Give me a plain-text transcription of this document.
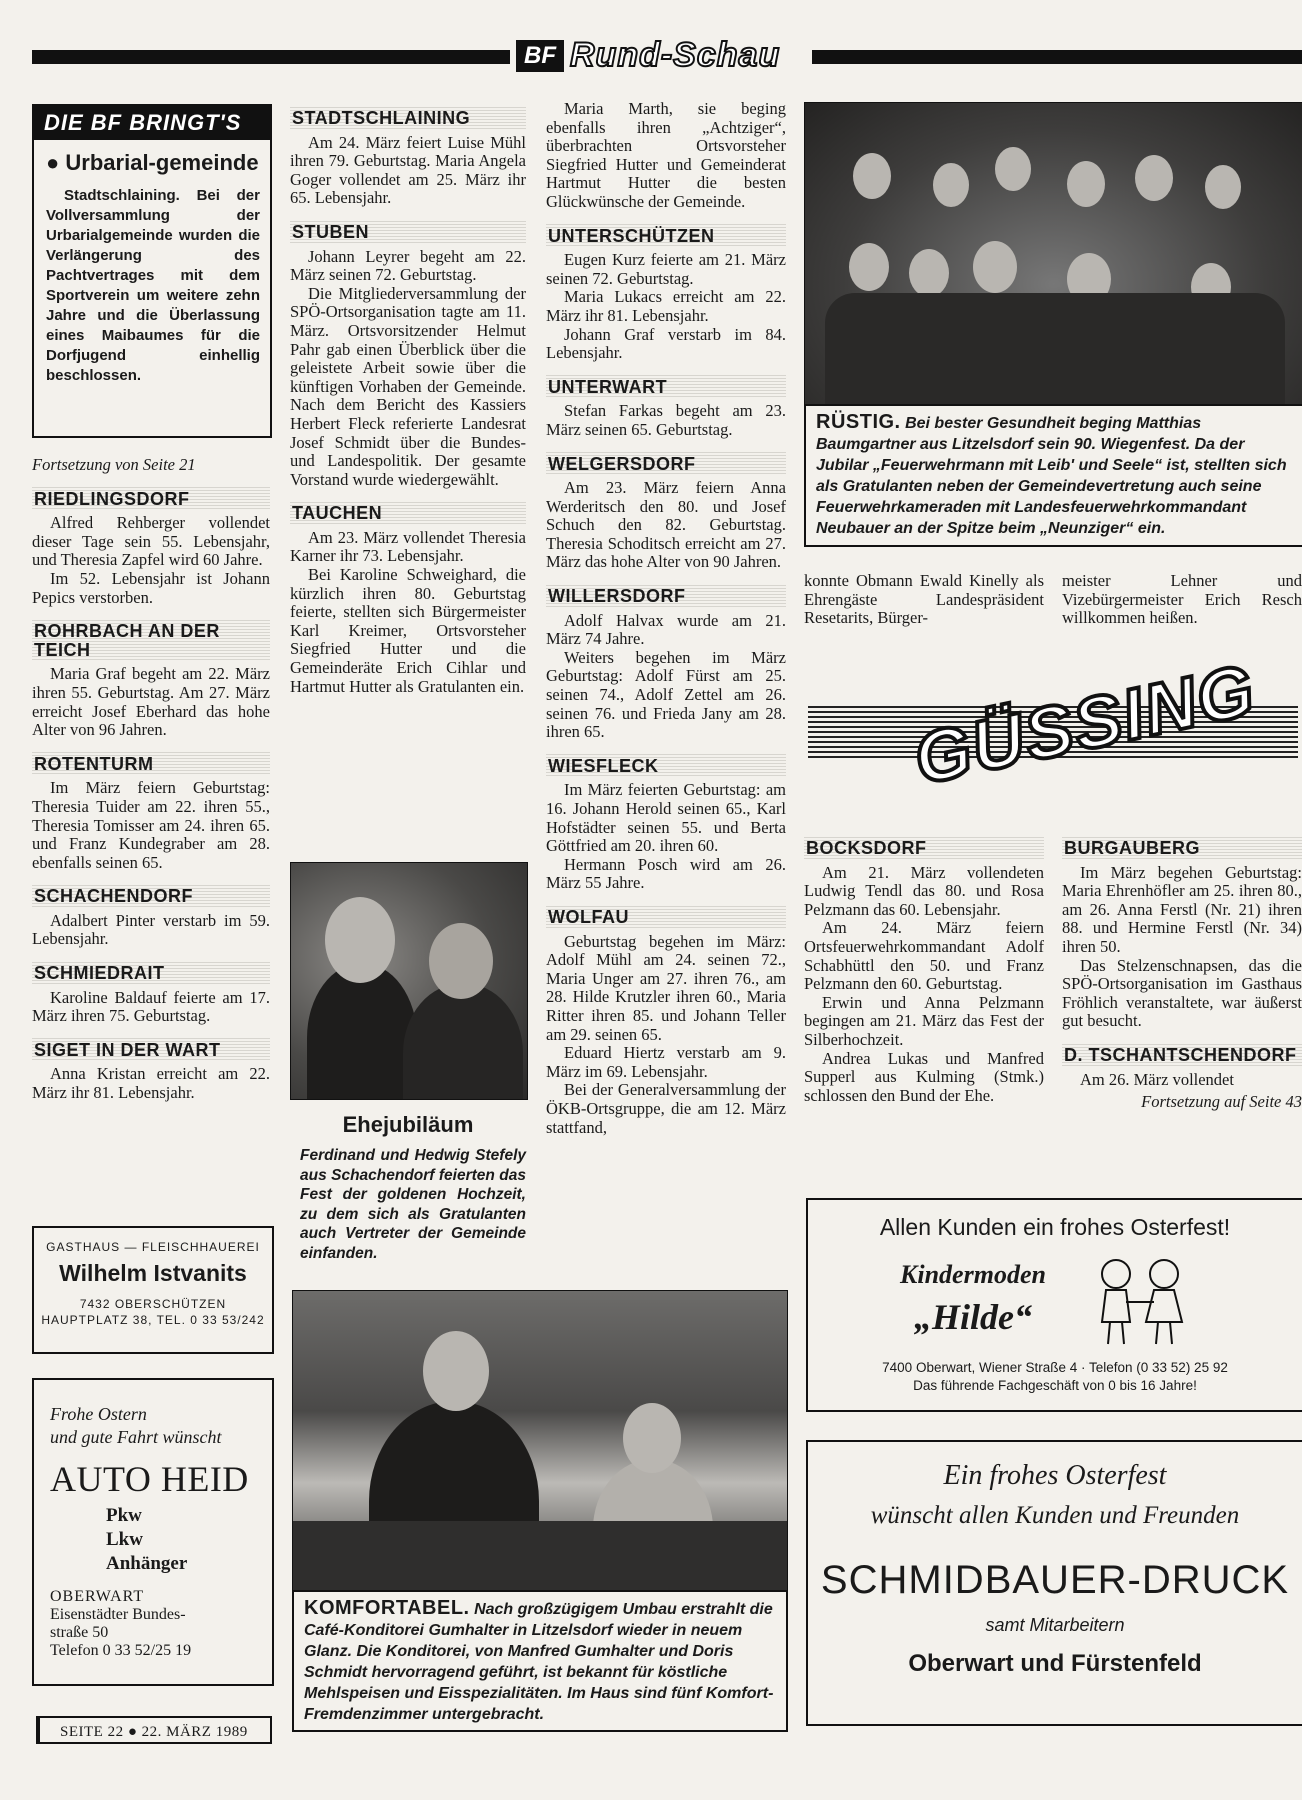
BF Rund-Schau
DIE BF BRINGT'S
● Urbarial-gemeinde
Stadtschlaining. Bei der Vollversammlung der Urbarialgemeinde wurden die Verlängerung des Pachtvertrages mit dem Sportverein um weitere zehn Jahre und die Überlassung eines Maibaumes für die Dorfjugend einhellig beschlossen.
Fortsetzung von Seite 21
RIEDLINGSDORF

Alfred Rehberger vollendet dieser Tage sein 55. Lebensjahr, und Theresia Zapfel wird 60 Jahre.

Im 52. Lebensjahr ist Johann Pepics verstorben.

ROHRBACH AN DER TEICH

Maria Graf begeht am 22. März ihren 55. Geburtstag. Am 27. März erreicht Josef Eberhard das hohe Alter von 96 Jahren.

ROTENTURM

Im März feiern Geburtstag: Theresia Tuider am 22. ihren 55., Theresia Tomisser am 24. ihren 65. und Franz Kundegraber am 28. ebenfalls seinen 65.

SCHACHENDORF

Adalbert Pinter verstarb im 59. Lebensjahr.

SCHMIEDRAIT

Karoline Baldauf feierte am 17. März ihren 75. Geburtstag.

SIGET IN DER WART

Anna Kristan erreicht am 22. März ihr 81. Lebensjahr.

STADTSCHLAINING

Am 24. März feiert Luise Mühl ihren 79. Geburtstag. Maria Angela Goger vollendet am 25. März ihr 65. Lebensjahr.

STUBEN

Johann Leyrer begeht am 22. März seinen 72. Geburtstag.

Die Mitgliederversammlung der SPÖ-Ortsorganisation tagte am 11. März. Ortsvorsitzender Helmut Pahr gab einen Überblick über die geleistete Arbeit sowie über die künftigen Vorhaben der Gemeinde. Nach dem Bericht des Kassiers Herbert Fleck referierte Landesrat Josef Schmidt über die Bundes- und Landespolitik. Der gesamte Vorstand wurde wiedergewählt.

TAUCHEN

Am 23. März vollendet Theresia Karner ihr 73. Lebensjahr.

Bei Karoline Schweighard, die kürzlich ihren 80. Geburtstag feierte, stellten sich Bürgermeister Karl Kreimer, Ortsvorsteher Siegfried Hutter und die Gemeinderäte Erich Cihlar und Hartmut Hutter als Gratulanten ein.

Ehejubiläum
Ferdinand und Hedwig Stefely aus Schachendorf feierten das Fest der goldenen Hochzeit, zu dem sich als Gratulanten auch Vertreter der Gemeinde einfanden.

Maria Marth, sie beging ebenfalls ihren „Achtziger“, überbrachten Ortsvorsteher Siegfried Hutter und Gemeinderat Hartmut Hutter die besten Glückwünsche der Gemeinde.

UNTERSCHÜTZEN

Eugen Kurz feierte am 21. März seinen 72. Geburtstag.

Maria Lukacs erreicht am 22. März ihr 81. Lebensjahr.

Johann Graf verstarb im 84. Lebensjahr.

UNTERWART

Stefan Farkas begeht am 23. März seinen 65. Geburtstag.

WELGERSDORF

Am 23. März feiern Anna Werderitsch den 80. und Josef Schuch den 82. Geburtstag. Theresia Schoditsch erreicht am 27. März das hohe Alter von 90 Jahren.

WILLERSDORF

Adolf Halvax wurde am 21. März 74 Jahre.

Weiters begehen im März Geburtstag: Adolf Fürst am 25. seinen 74., Adolf Zettel am 26. seinen 76. und Frieda Jany am 28. ihren 65.

WIESFLECK

Im März feierten Geburtstag: am 16. Johann Herold seinen 65., Karl Hofstädter seinen 55. und Berta Göttfried am 20. ihren 60.

Hermann Posch wird am 26. März 55 Jahre.

WOLFAU

Geburtstag begehen im März: Adolf Mühl am 24. seinen 72., Maria Unger am 27. ihren 76., am 28. Hilde Krutzler ihren 60., Maria Ritter ihren 85. und Johann Teller am 29. seinen 65.

Eduard Hiertz verstarb am 9. März im 69. Lebensjahr.

Bei der Generalversammlung der ÖKB-Ortsgruppe, die am 12. März stattfand,

RÜSTIG. Bei bester Gesundheit beging Matthias Baumgartner aus Litzelsdorf sein 90. Wiegenfest. Da der Jubilar „Feuerwehrmann mit Leib' und Seele“ ist, stellten sich als Gratulanten neben der Gemeindevertretung auch seine Feuerwehrkameraden mit Landesfeuerwehrkommandant Neubauer an der Spitze beim „Neunziger“ ein.

konnte Obmann Ewald Kinelly als Ehrengäste Landespräsident Resetarits, Bürger-

meister Lehner und Vizebürgermeister Erich Resch willkommen heißen.

GÜSSING
BOCKSDORF

Am 21. März vollendeten Ludwig Tendl das 80. und Rosa Pelzmann das 60. Lebensjahr.

Am 24. März feiern Ortsfeuerwehrkommandant Adolf Schabhüttl den 50. und Franz Pelzmann den 60. Geburtstag.

Erwin und Anna Pelzmann begingen am 21. März das Fest der Silberhochzeit.

Andrea Lukas und Manfred Supperl aus Kulming (Stmk.) schlossen den Bund der Ehe.

BURGAUBERG

Im März begehen Geburtstag: Maria Ehrenhöfler am 25. ihren 80., am 26. Anna Ferstl (Nr. 21) ihren 88. und Hermine Ferstl (Nr. 34) ihren 50.

Das Stelzenschnapsen, das die SPÖ-Ortsorganisation im Gasthaus Fröhlich veranstaltete, war äußerst gut besucht.

D. TSCHANTSCHENDORF

Am 26. März vollendet

Fortsetzung auf Seite 43
GASTHAUS — FLEISCHHAUEREI
Wilhelm Istvanits
7432 OBERSCHÜTZEN
HAUPTPLATZ 38, TEL. 0 33 53/242
Frohe Ostern
und gute Fahrt wünscht
AUTO HEID
Pkw
Lkw
Anhänger
OBERWART
Eisenstädter Bundes-
straße 50
Telefon 0 33 52/25 19
SEITE 22 ● 22. MÄRZ 1989
KOMFORTABEL. Nach großzügigem Umbau erstrahlt die Café-Konditorei Gumhalter in Litzelsdorf wieder in neuem Glanz. Die Konditorei, von Manfred Gumhalter und Doris Schmidt hervorragend geführt, ist bekannt für köstliche Mehlspeisen und Eisspezialitäten. Im Haus sind fünf Komfort-Fremdenzimmer untergebracht.
Allen Kunden ein frohes Osterfest!
Kindermoden
„Hilde“
7400 Oberwart, Wiener Straße 4 · Telefon (0 33 52) 25 92
Das führende Fachgeschäft von 0 bis 16 Jahre!
Ein frohes Osterfest
wünscht allen Kunden und Freunden
SCHMIDBAUER-DRUCK
samt Mitarbeitern
Oberwart und Fürstenfeld
